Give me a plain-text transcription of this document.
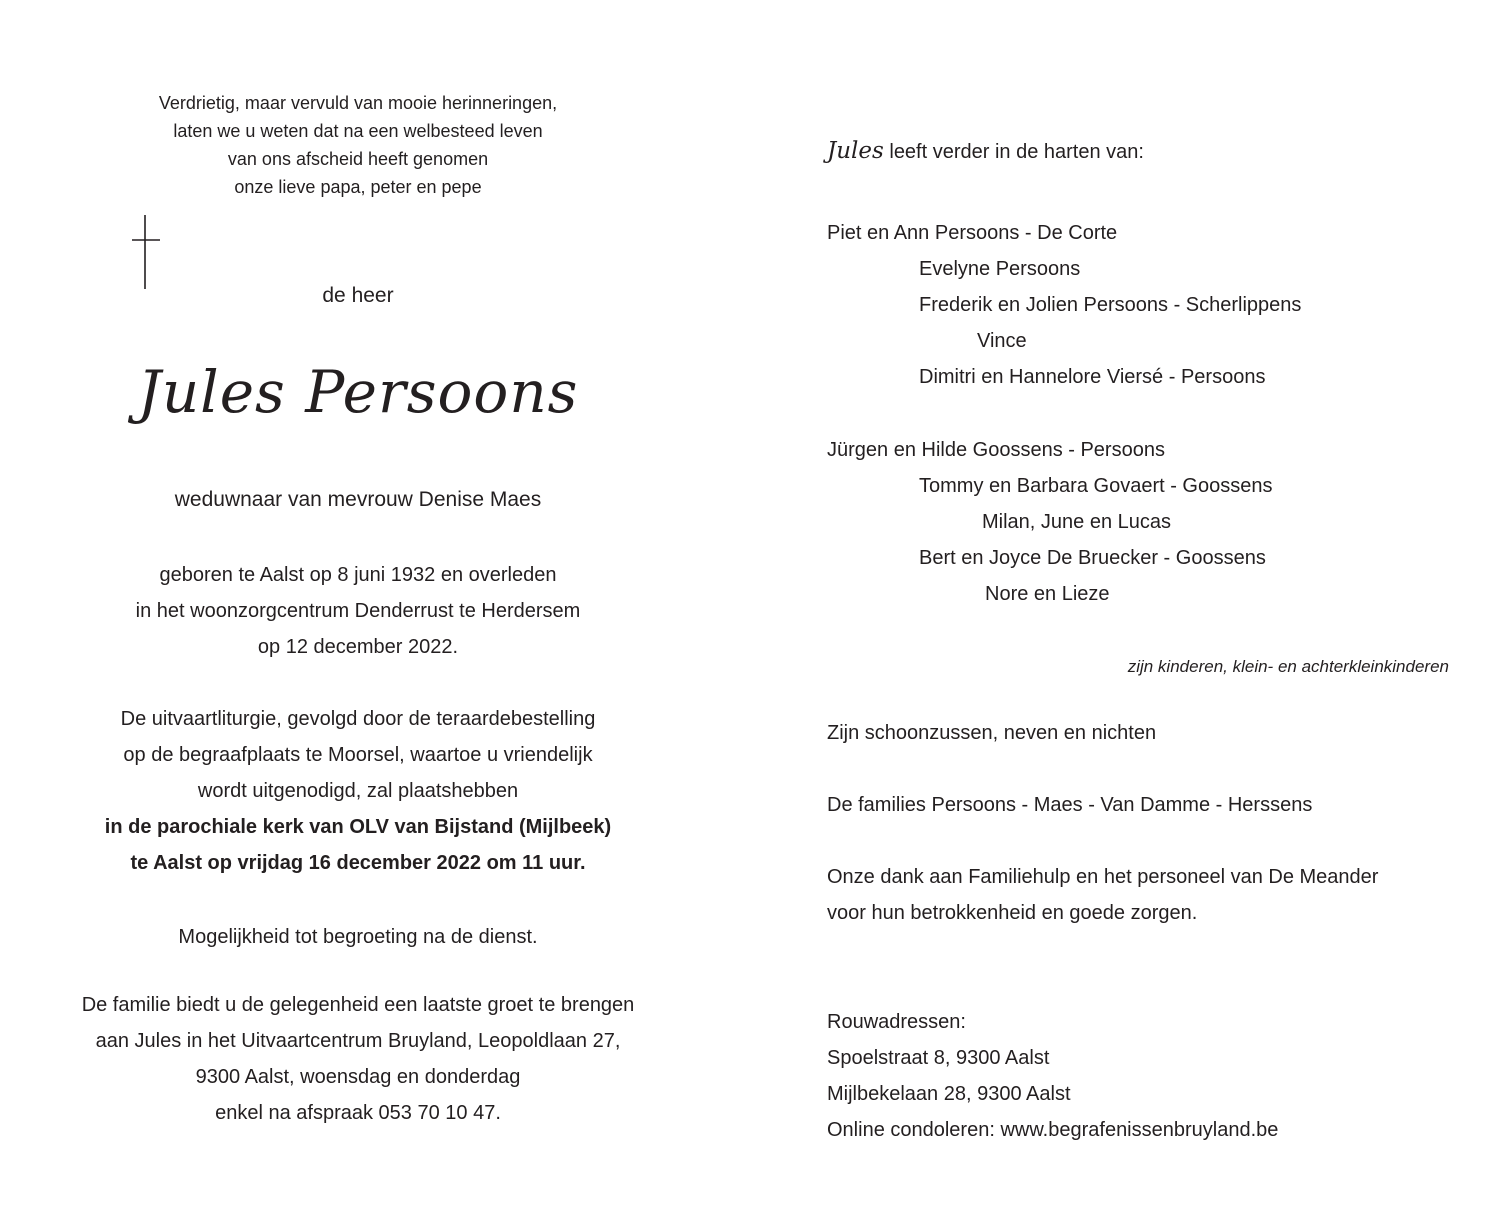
Verdrietig, maar vervuld van mooie herinneringen,
laten we u weten dat na een welbesteed leven
van ons afscheid heeft genomen
onze lieve papa, peter en pepe
de heer
Jules Persoons
weduwnaar van mevrouw Denise Maes
geboren te Aalst op 8 juni 1932 en overleden
in het woonzorgcentrum Denderrust te Herdersem
op 12 december 2022.
De uitvaartliturgie, gevolgd door de teraardebestelling
op de begraafplaats te Moorsel, waartoe u vriendelijk
wordt uitgenodigd, zal plaatshebben
in de parochiale kerk van OLV van Bijstand (Mijlbeek)
te Aalst op vrijdag 16 december 2022 om 11 uur.
Mogelijkheid tot begroeting na de dienst.
De familie biedt u de gelegenheid een laatste groet te brengen
aan Jules in het Uitvaartcentrum Bruyland, Leopoldlaan 27,
9300 Aalst, woensdag en donderdag
enkel na afspraak 053 70 10 47.
Jules leeft verder in de harten van:
Piet en Ann Persoons - De Corte
Evelyne Persoons
Frederik en Jolien Persoons - Scherlippens
Vince
Dimitri en Hannelore Viersé - Persoons
Jürgen en Hilde Goossens - Persoons
Tommy en Barbara Govaert - Goossens
Milan, June en Lucas
Bert en Joyce De Bruecker - Goossens
Nore en Lieze
zijn kinderen, klein- en achterkleinkinderen
Zijn schoonzussen, neven en nichten
De families Persoons - Maes - Van Damme - Herssens
Onze dank aan Familiehulp en het personeel van De Meander
voor hun betrokkenheid en goede zorgen.
Rouwadressen:
Spoelstraat 8, 9300 Aalst
Mijlbekelaan 28, 9300 Aalst
Online condoleren: www.begrafenissenbruyland.be
